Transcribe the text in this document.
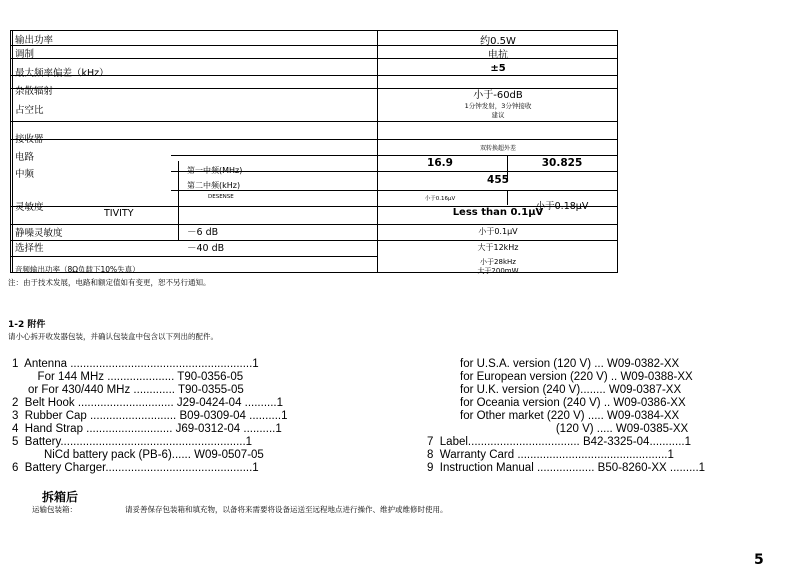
输出功率
调制
最大频率偏差（kHz）
杂散辐射
占空比
接收器
电路
中频
灵敏度
TIVITY
静噪灵敏度
选择性
音频输出功率（8Ω负载下10%失真）
第一中频(MHz)
第二中频(kHz)
DESENSE
－6 dB
－40 dB
约0.5W
电抗
±5
小于-60dB
1分钟发射，3分钟接收
建议
双转换超外差
16.9	30.825
455
小于0.16μV
小于0.18μV
Less than 0.1μV
小于0.1μV
大于12kHz
小于28kHz
大于200mW
注：由于技术发展，电路和额定值如有变更，恕不另行通知。
1-2 附件
请小心拆开收发器包装，并确认包装盒中包含以下列出的配件。
1  Antenna .........................................................1
For 144 MHz ..................... T90-0356-05
or For 430/440 MHz ............. T90-0355-05
2  Belt Hook .............................. J29-0424-04 ..........1
3  Rubber Cap ........................... B09-0309-04 ..........1
4  Hand Strap ........................... J69-0312-04 ..........1
5  Battery..........................................................1
NiCd battery pack (PB-6)...... W09-0507-05
6  Battery Charger..............................................1
for U.S.A. version (120 V) ... W09-0382-XX
for European version (220 V) .. W09-0388-XX
for U.K. version (240 V)........ W09-0387-XX
for Oceania version (240 V) .. W09-0386-XX
for Other market (220 V) ..... W09-0384-XX
(120 V) ..... W09-0385-XX
7  Label................................... B42-3325-04...........1
8  Warranty Card ...............................................1
9  Instruction Manual .................. B50-8260-XX .........1
拆箱后
运输包装箱：	请妥善保存包装箱和填充物，以备将来需要将设备运送至远程地点进行操作、维护或维修时使用。
5
